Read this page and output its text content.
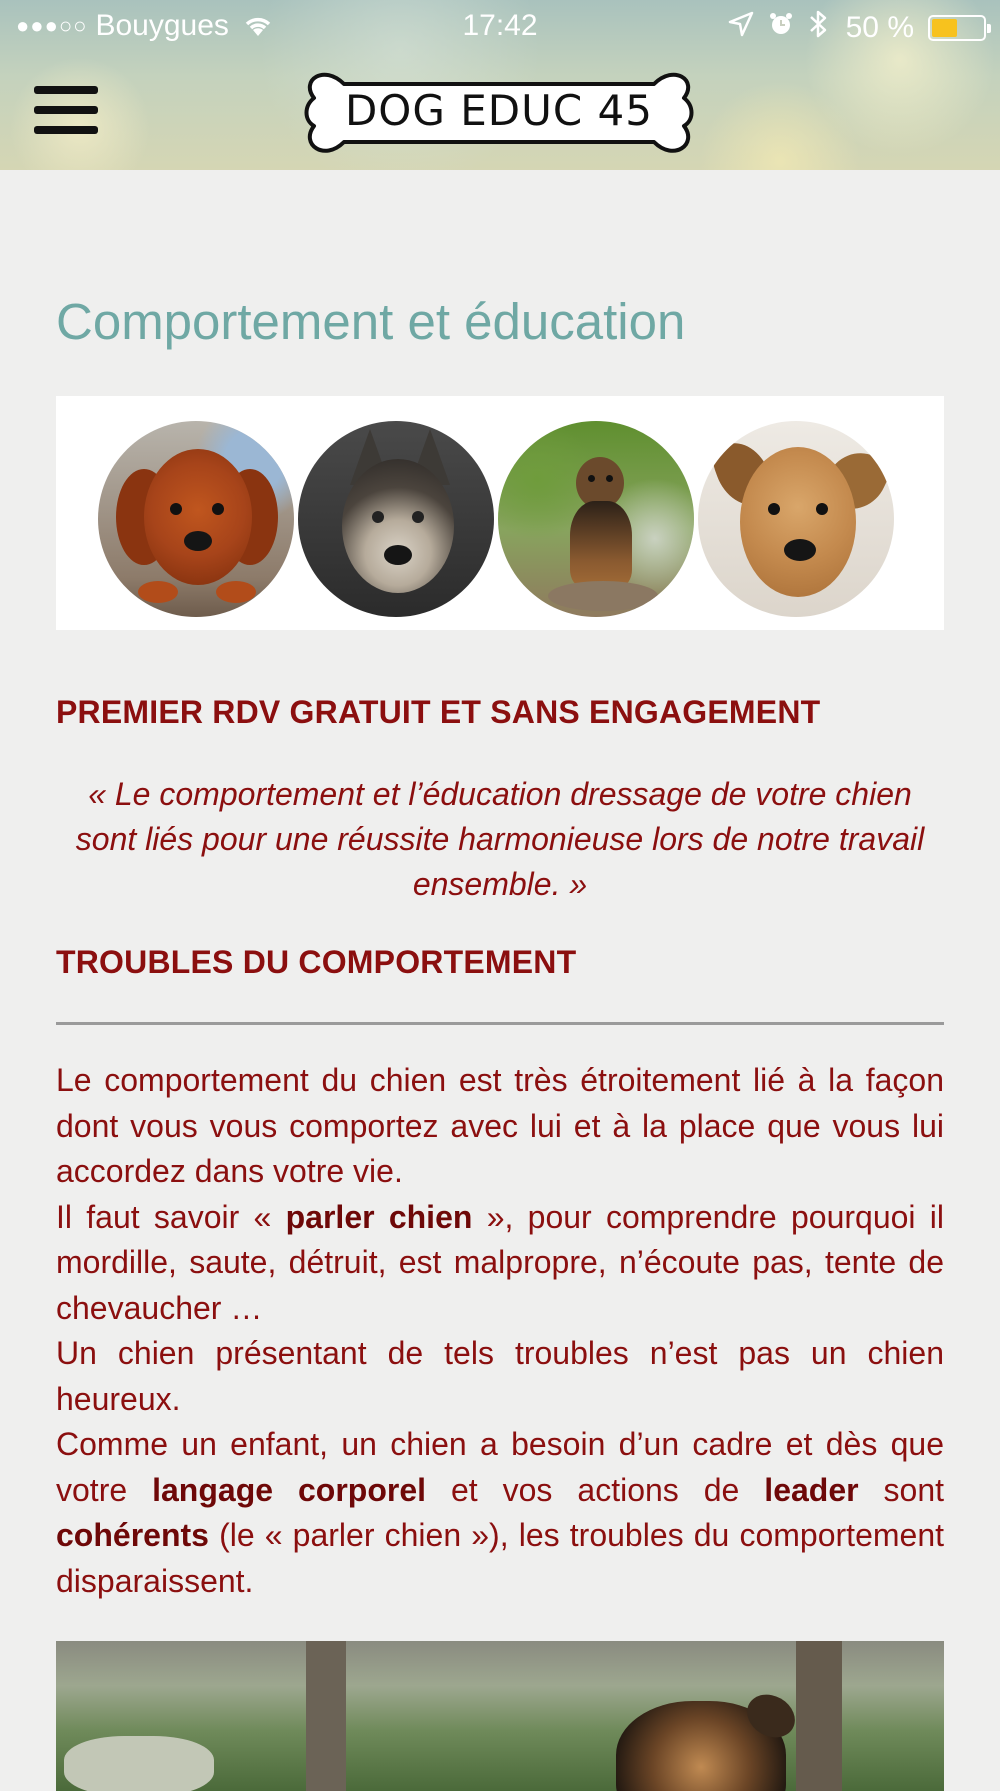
●●●○○ Bouygues	17:42	50 %
DOG EDUC 45
Comportement et éducation
PREMIER RDV GRATUIT ET SANS ENGAGEMENT

« Le comportement et l’éducation dressage de votre chien sont liés pour une réussite harmonieuse lors de notre travail ensemble. »

TROUBLES DU COMPORTEMENT

Le comportement du chien est très étroitement lié à la façon dont vous vous comportez avec lui et à la place que vous lui accordez dans votre vie.

Il faut savoir « parler chien », pour comprendre pourquoi il mordille, saute, détruit, est malpropre, n’écoute pas, tente de chevaucher …

Un chien présentant de tels troubles n’est pas un chien heureux.

Comme un enfant, un chien a besoin d’un cadre et dès que votre langage corporel et vos actions de leader sont cohérents (le « parler chien »), les troubles du comportement disparaissent.
